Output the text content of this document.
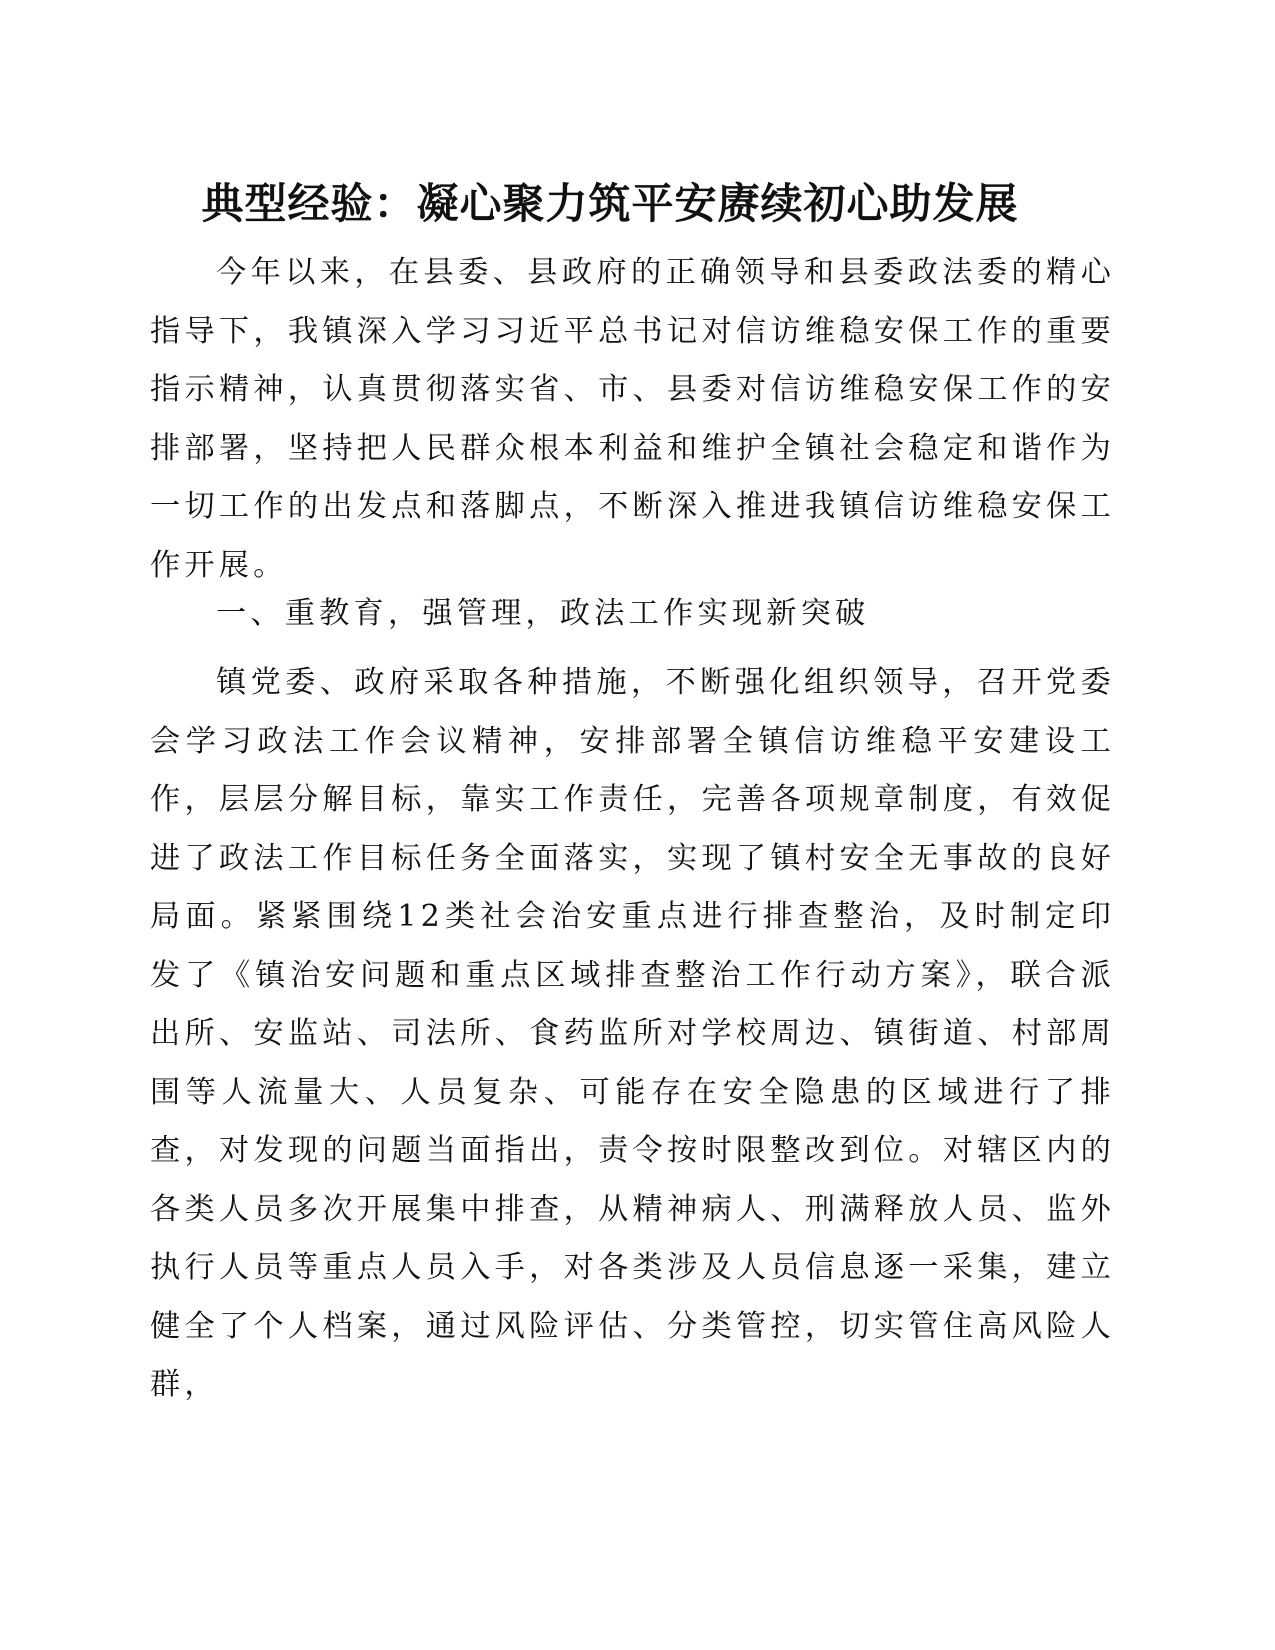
典型经验：凝心聚力筑平安赓续初心助发展

今年以来，在县委、县政府的正确领导和县委政法委的精心指导下，我镇深入学习习近平总书记对信访维稳安保工作的重要指示精神，认真贯彻落实省、市、县委对信访维稳安保工作的安排部署，坚持把人民群众根本利益和维护全镇社会稳定和谐作为一切工作的出发点和落脚点，不断深入推进我镇信访维稳安保工作开展。

一、重教育，强管理，政法工作实现新突破

镇党委、政府采取各种措施，不断强化组织领导，召开党委会学习政法工作会议精神，安排部署全镇信访维稳平安建设工作，层层分解目标，靠实工作责任，完善各项规章制度，有效促进了政法工作目标任务全面落实，实现了镇村安全无事故的良好局面。紧紧围绕12类社会治安重点进行排查整治，及时制定印发了《镇治安问题和重点区域排查整治工作行动方案》，联合派出所、安监站、司法所、食药监所对学校周边、镇街道、村部周围等人流量大、人员复杂、可能存在安全隐患的区域进行了排查，对发现的问题当面指出，责令按时限整改到位。对辖区内的各类人员多次开展集中排查，从精神病人、刑满释放人员、监外执行人员等重点人员入手，对各类涉及人员信息逐一采集，建立健全了个人档案，通过风险评估、分类管控，切实管住高风险人群，
